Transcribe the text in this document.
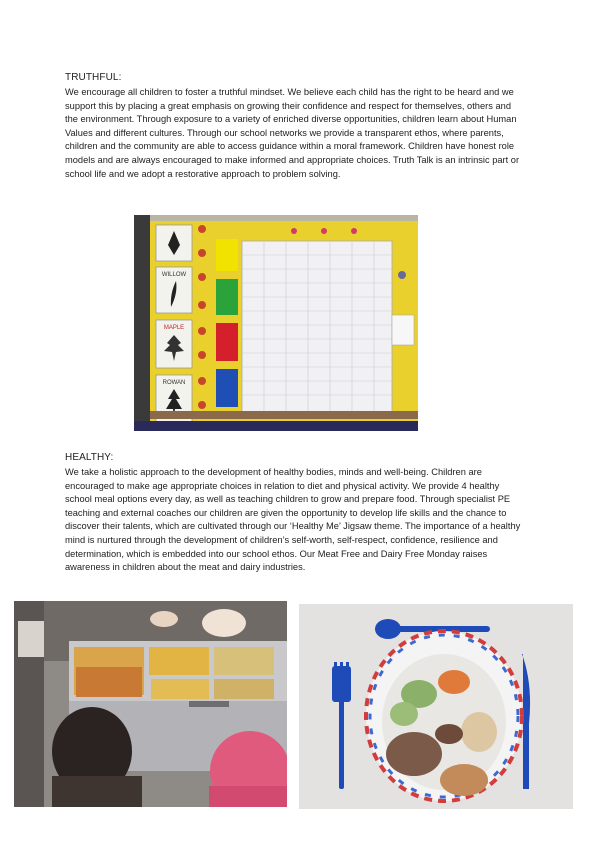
TRUTHFUL:

We encourage all children to foster a truthful mindset. We believe each child has the right to be heard and we support this by placing a great emphasis on growing their confidence and respect for themselves, others and the environment. Through exposure to a variety of enriched diverse opportunities, children learn about Human Values and different cultures. Through our school networks we provide a transparent ethos, where parents, children and the community are able to access guidance within a moral framework. Children have honest role models and are always encouraged to make informed and appropriate choices. Truth Talk is an intrinsic part or school life and we adopt a restorative approach to problem solving.

WILLOW
MAPLE
ROWAN
HEALTHY:

We take a holistic approach to the development of healthy bodies, minds and well-being. Children are encouraged to make age appropriate choices in relation to diet and physical activity. We provide 4 healthy school meal options every day, as well as teaching children to grow and prepare food. Through specialist PE teaching and external coaches our children are given the opportunity to develop life skills and the chance to discover their talents, which are cultivated through our ‘Healthy Me’ Jigsaw theme. The importance of a healthy mind is nurtured through the development of children’s self-worth, self-respect, confidence, resilience and determination, which is embedded into our school ethos. Our Meat Free and Dairy Free Monday raises awareness in children about the meat and dairy industries.
